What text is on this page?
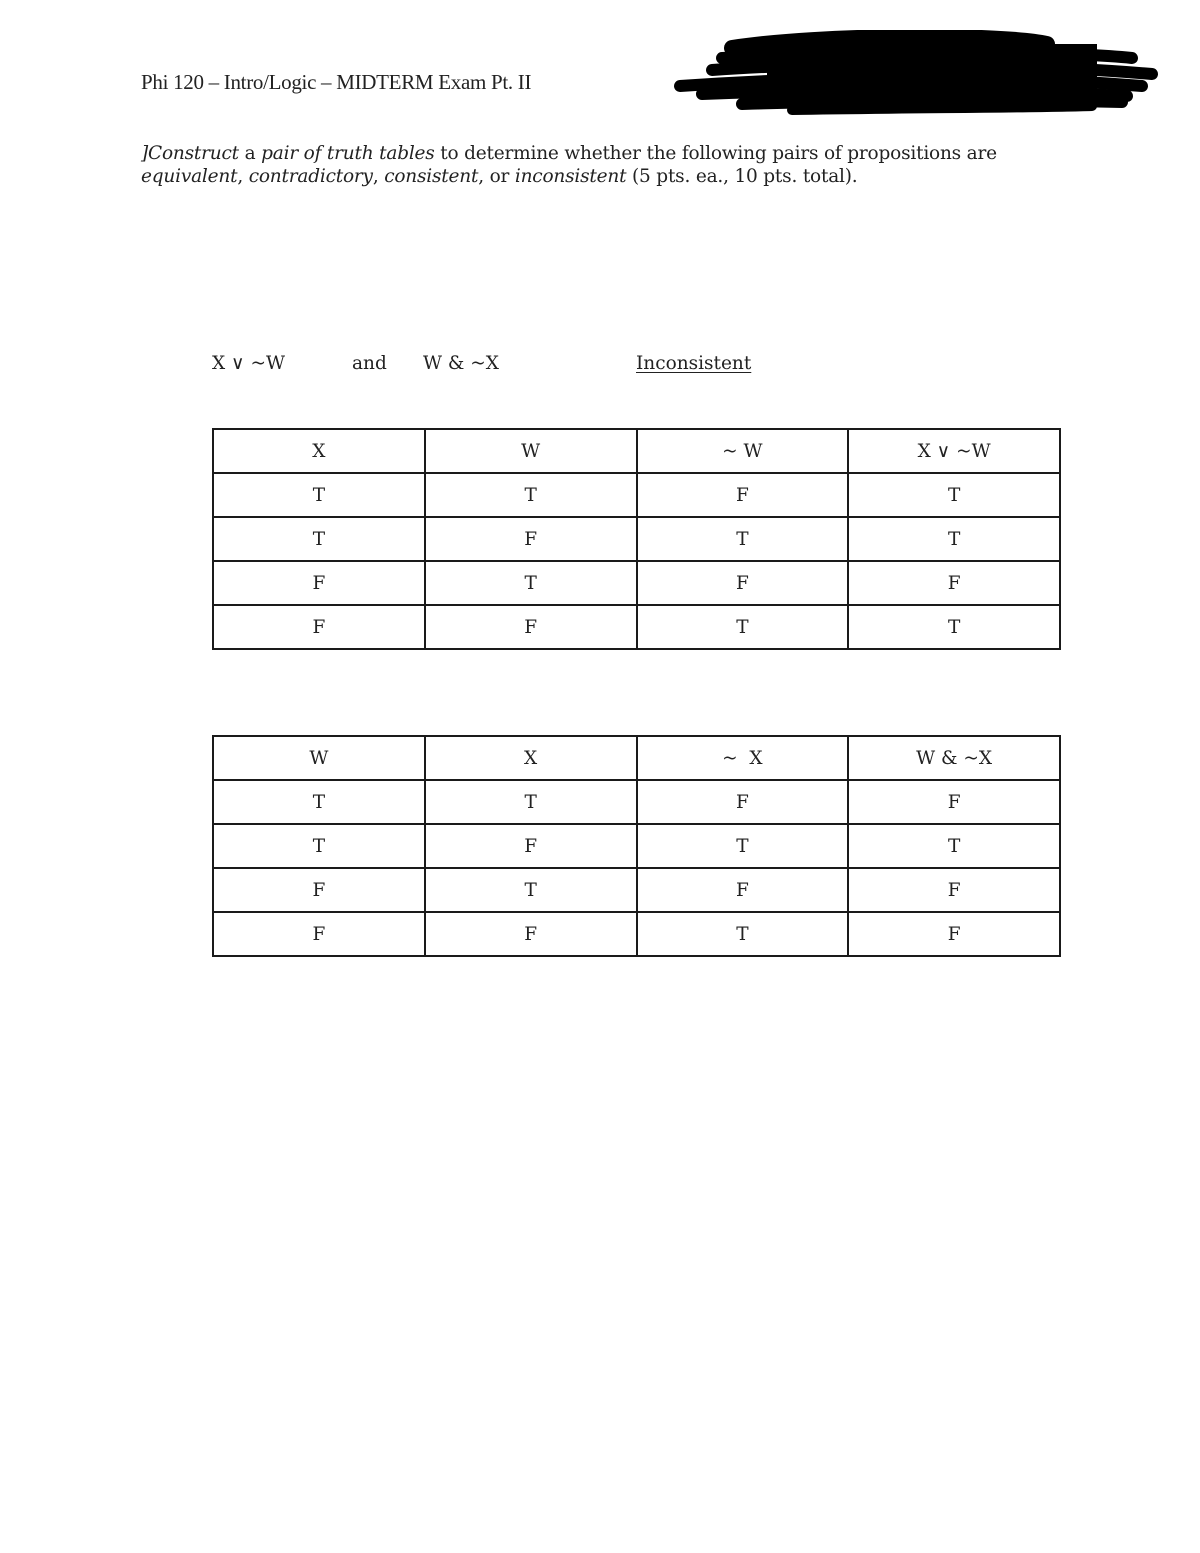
Phi 120 – Intro/Logic – MIDTERM Exam Pt. II
]Construct a pair of truth tables to determine whether the following pairs of propositions are equivalent, contradictory, consistent, or inconsistent (5 pts. ea., 10 pts. total).
X ∨ ~W	and W & ~X	Inconsistent
X	W	~ W	X ∨ ~W
T	T	F	T
T	F	T	T
F	T	F	F
F	F	T	T
W	X	~  X	W & ~X
T	T	F	F
T	F	T	T
F	T	F	F
F	F	T	F
